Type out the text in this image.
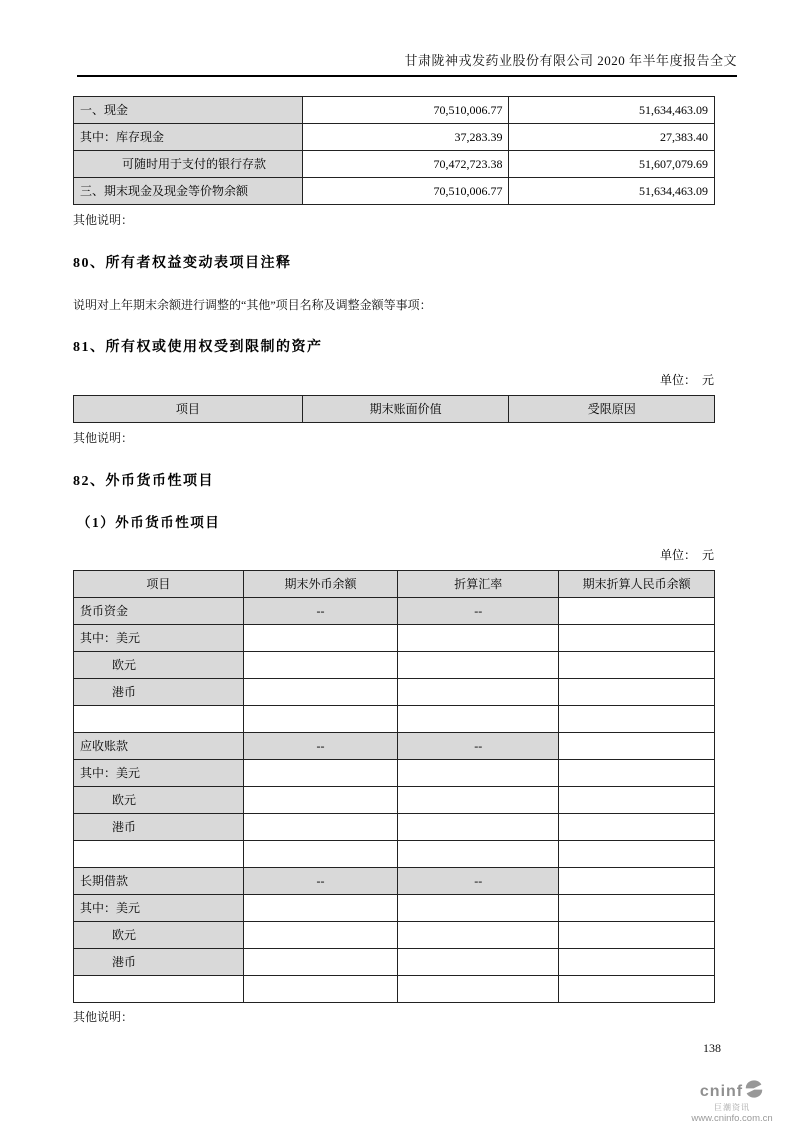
甘肃陇神戎发药业股份有限公司 2020 年半年度报告全文
一、现金	70,510,006.77	51,634,463.09
其中：库存现金	37,283.39	27,383.40
可随时用于支付的银行存款	70,472,723.38	51,607,079.69
三、期末现金及现金等价物余额	70,510,006.77	51,634,463.09

其他说明：

80、所有者权益变动表项目注释

说明对上年期末余额进行调整的“其他”项目名称及调整金额等事项：

81、所有权或使用权受到限制的资产
单位： 元
项目	期末账面价值	受限原因

其他说明：

82、外币货币性项目
（1）外币货币性项目
单位： 元
项目	期末外币余额	折算汇率	期末折算人民币余额
货币资金	--	--	
其中：美元			
欧元			
港币			

应收账款	--	--	
其中：美元			
欧元			
港币			

长期借款	--	--	
其中：美元			
欧元			
港币			

其他说明：

138
cninf
巨潮资讯
www.cninfo.com.cn
